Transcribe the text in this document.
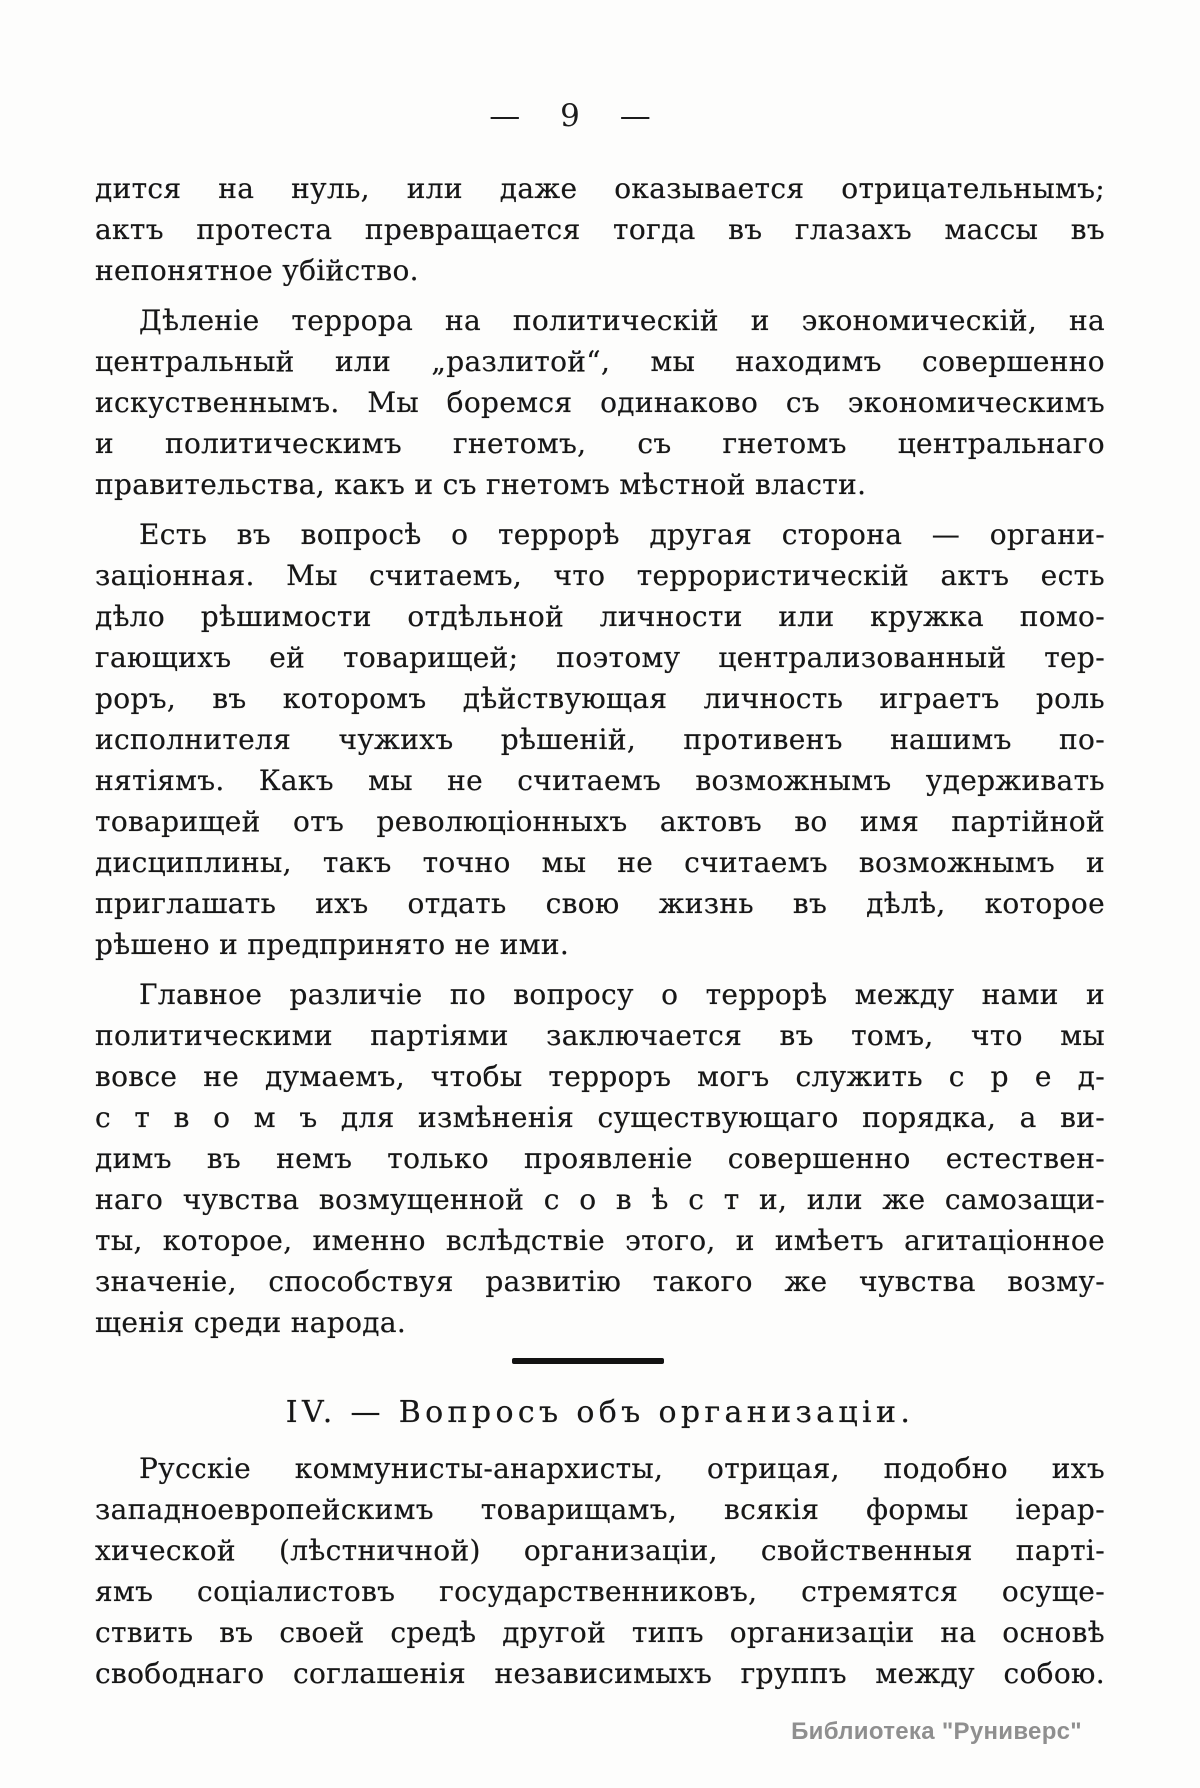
— 9 —

дится на нуль, или даже оказывается отрицательнымъ;
актъ протеста превращается тогда въ глазахъ массы въ
непонятное убійство.

Дѣленіе террора на политическій и экономическій, на
центральный или „разлитой“, мы находимъ совершенно
искуственнымъ. Мы боремся одинаково съ экономическимъ
и политическимъ гнетомъ, съ гнетомъ центральнаго
правительства, какъ и съ гнетомъ мѣстной власти.

Есть въ вопросѣ о террорѣ другая сторона — органи-
заціонная. Мы считаемъ, что террористическій актъ есть
дѣло рѣшимости отдѣльной личности или кружка помо-
гающихъ ей товарищей; поэтому централизованный тер-
роръ, въ которомъ дѣйствующая личность играетъ роль
исполнителя чужихъ рѣшеній, противенъ нашимъ по-
нятіямъ. Какъ мы не считаемъ возможнымъ удерживать
товарищей отъ революціонныхъ актовъ во имя партійной
дисциплины, такъ точно мы не считаемъ возможнымъ и
приглашать ихъ отдать свою жизнь въ дѣлѣ, которое
рѣшено и предпринято не ими.

Главное различіе по вопросу о террорѣ между нами и
политическими партіями заключается въ томъ, что мы
вовсе не думаемъ, чтобы терроръ могъ служить с р е д-
с т в о м ъ для измѣненія существующаго порядка, а ви-
димъ въ немъ только проявленіе совершенно естествен-
наго чувства возмущенной с о в ѣ с т и, или же самозащи-
ты, которое, именно вслѣдствіе этого, и имѣетъ агитаціонное
значеніе, способствуя развитію такого же чувства возму-
щенія среди народа.

IV. — Вопросъ объ организаціи.

Русскіе коммунисты-анархисты, отрицая, подобно ихъ
западноевропейскимъ товарищамъ, всякія формы іерар-
хической (лѣстничной) организаціи, свойственныя парті-
ямъ соціалистовъ государственниковъ, стремятся осуще-
ствить въ своей средѣ другой типъ организаціи на основѣ
свободнаго соглашенія независимыхъ группъ между собою.

Библиотека "Руниверс"
